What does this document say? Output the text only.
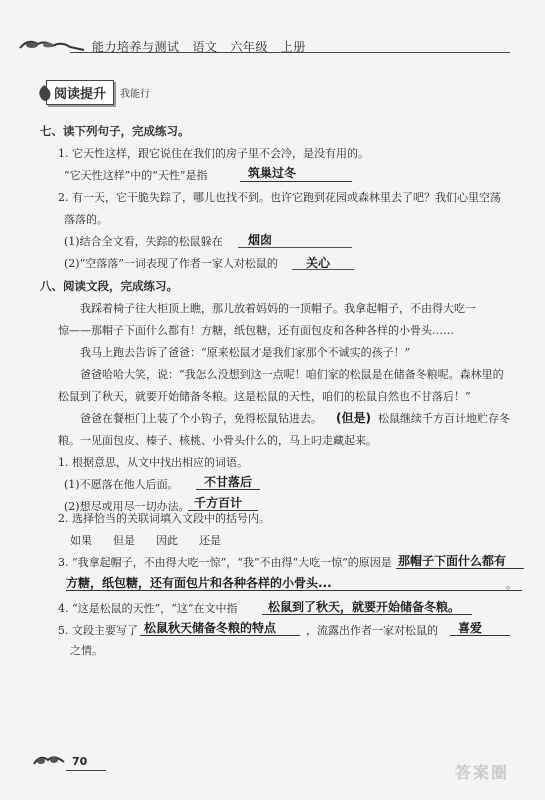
能力培养与测试   语文   六年级   上册
阅读提升	我能行
七、读下列句子，完成练习。
1. 它天性这样，跟它说住在我们的房子里不会冷，是没有用的。
“它天性这样”中的“天性”是指	筑巢过冬
2. 有一天，它干脆失踪了，哪儿也找不到。也许它跑到花园或森林里去了吧？我们心里空荡
落落的。
(1)结合全文看，失踪的松鼠躲在 烟囱
(2)“空落落”一词表现了作者一家人对松鼠的 关心
八、阅读文段，完成练习。
我踩着椅子往大柜顶上瞧，那儿放着妈妈的一顶帽子。我拿起帽子，不由得大吃一
惊——那帽子下面什么都有！方糖，纸包糖，还有面包皮和各种各样的小骨头……
我马上跑去告诉了爸爸：“原来松鼠才是我们家那个不诚实的孩子！”
爸爸哈哈大笑，说：“我怎么没想到这一点呢！咱们家的松鼠是在储备冬粮呢。森林里的
松鼠到了秋天，就要开始储备冬粮。这是松鼠的天性，咱们的松鼠自然也不甘落后！”
爸爸在餐柜门上装了个小钩子，免得松鼠钻进去。 (但是) 松鼠继续千方百计地贮存冬
粮。一见面包皮、榛子、核桃、小骨头什么的，马上叼走藏起来。
1. 根据意思，从文中找出相应的词语。
(1)不愿落在他人后面。 不甘落后
(2)想尽或用尽一切办法。 千方百计
2. 选择恰当的关联词填入文段中的括号内。
如果      但是      因此      还是
3. “我拿起帽子，不由得大吃一惊”，“我”不由得“大吃一惊”的原因是 那帽子下面什么都有
方糖，纸包糖，还有面包片和各种各样的小骨头...	。
4. “这是松鼠的天性”，“这”在文中指	松鼠到了秋天，就要开始储备冬粮。
5. 文段主要写了 松鼠秋天储备冬粮的特点	，流露出作者一家对松鼠的 喜爱
之情。
70
答案圈
